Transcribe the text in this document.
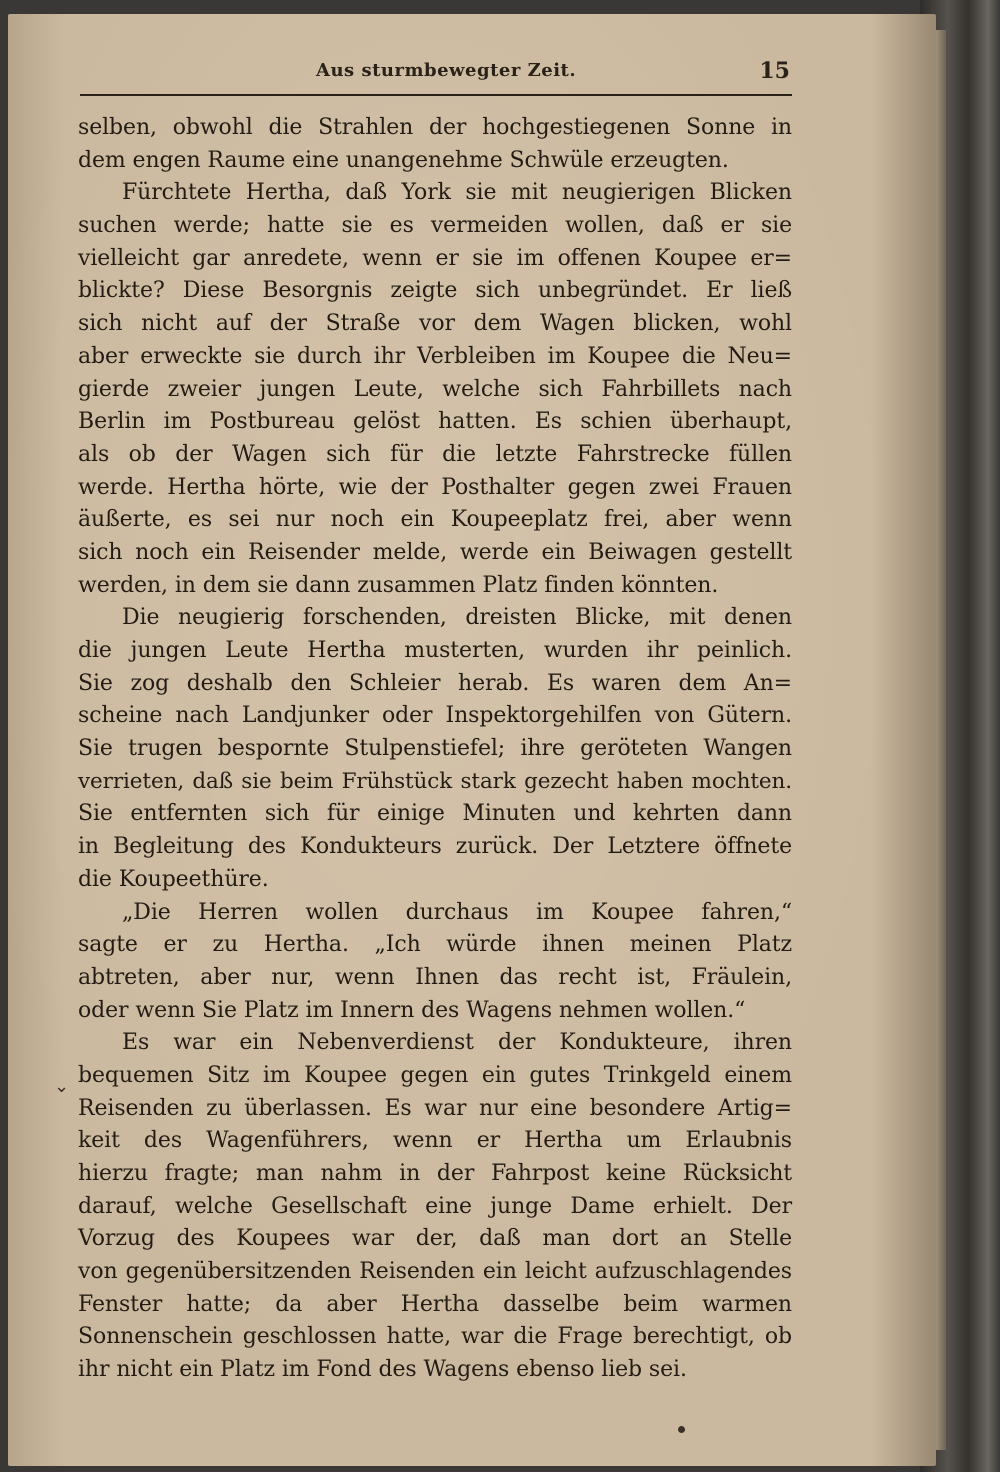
Aus sturmbewegter Zeit.	15
selben, obwohl die Strahlen der hochgestiegenen Sonne in
dem engen Raume eine unangenehme Schwüle erzeugten.
Fürchtete Hertha, daß York sie mit neugierigen Blicken
suchen werde; hatte sie es vermeiden wollen, daß er sie
vielleicht gar anredete, wenn er sie im offenen Koupee er=
blickte? Diese Besorgnis zeigte sich unbegründet. Er ließ
sich nicht auf der Straße vor dem Wagen blicken, wohl
aber erweckte sie durch ihr Verbleiben im Koupee die Neu=
gierde zweier jungen Leute, welche sich Fahrbillets nach
Berlin im Postbureau gelöst hatten. Es schien überhaupt,
als ob der Wagen sich für die letzte Fahrstrecke füllen
werde. Hertha hörte, wie der Posthalter gegen zwei Frauen
äußerte, es sei nur noch ein Koupeeplatz frei, aber wenn
sich noch ein Reisender melde, werde ein Beiwagen gestellt
werden, in dem sie dann zusammen Platz finden könnten.
Die neugierig forschenden, dreisten Blicke, mit denen
die jungen Leute Hertha musterten, wurden ihr peinlich.
Sie zog deshalb den Schleier herab. Es waren dem An=
scheine nach Landjunker oder Inspektorgehilfen von Gütern.
Sie trugen bespornte Stulpenstiefel; ihre geröteten Wangen
verrieten, daß sie beim Frühstück stark gezecht haben mochten.
Sie entfernten sich für einige Minuten und kehrten dann
in Begleitung des Kondukteurs zurück. Der Letztere öffnete
die Koupeethüre.
„Die Herren wollen durchaus im Koupee fahren,“
sagte er zu Hertha. „Ich würde ihnen meinen Platz
abtreten, aber nur, wenn Ihnen das recht ist, Fräulein,
oder wenn Sie Platz im Innern des Wagens nehmen wollen.“
Es war ein Nebenverdienst der Kondukteure, ihren
bequemen Sitz im Koupee gegen ein gutes Trinkgeld einem
Reisenden zu überlassen. Es war nur eine besondere Artig=
keit des Wagenführers, wenn er Hertha um Erlaubnis
hierzu fragte; man nahm in der Fahrpost keine Rücksicht
darauf, welche Gesellschaft eine junge Dame erhielt. Der
Vorzug des Koupees war der, daß man dort an Stelle
von gegenübersitzenden Reisenden ein leicht aufzuschlagendes
Fenster hatte; da aber Hertha dasselbe beim warmen
Sonnenschein geschlossen hatte, war die Frage berechtigt, ob
ihr nicht ein Platz im Fond des Wagens ebenso lieb sei.
⌄
